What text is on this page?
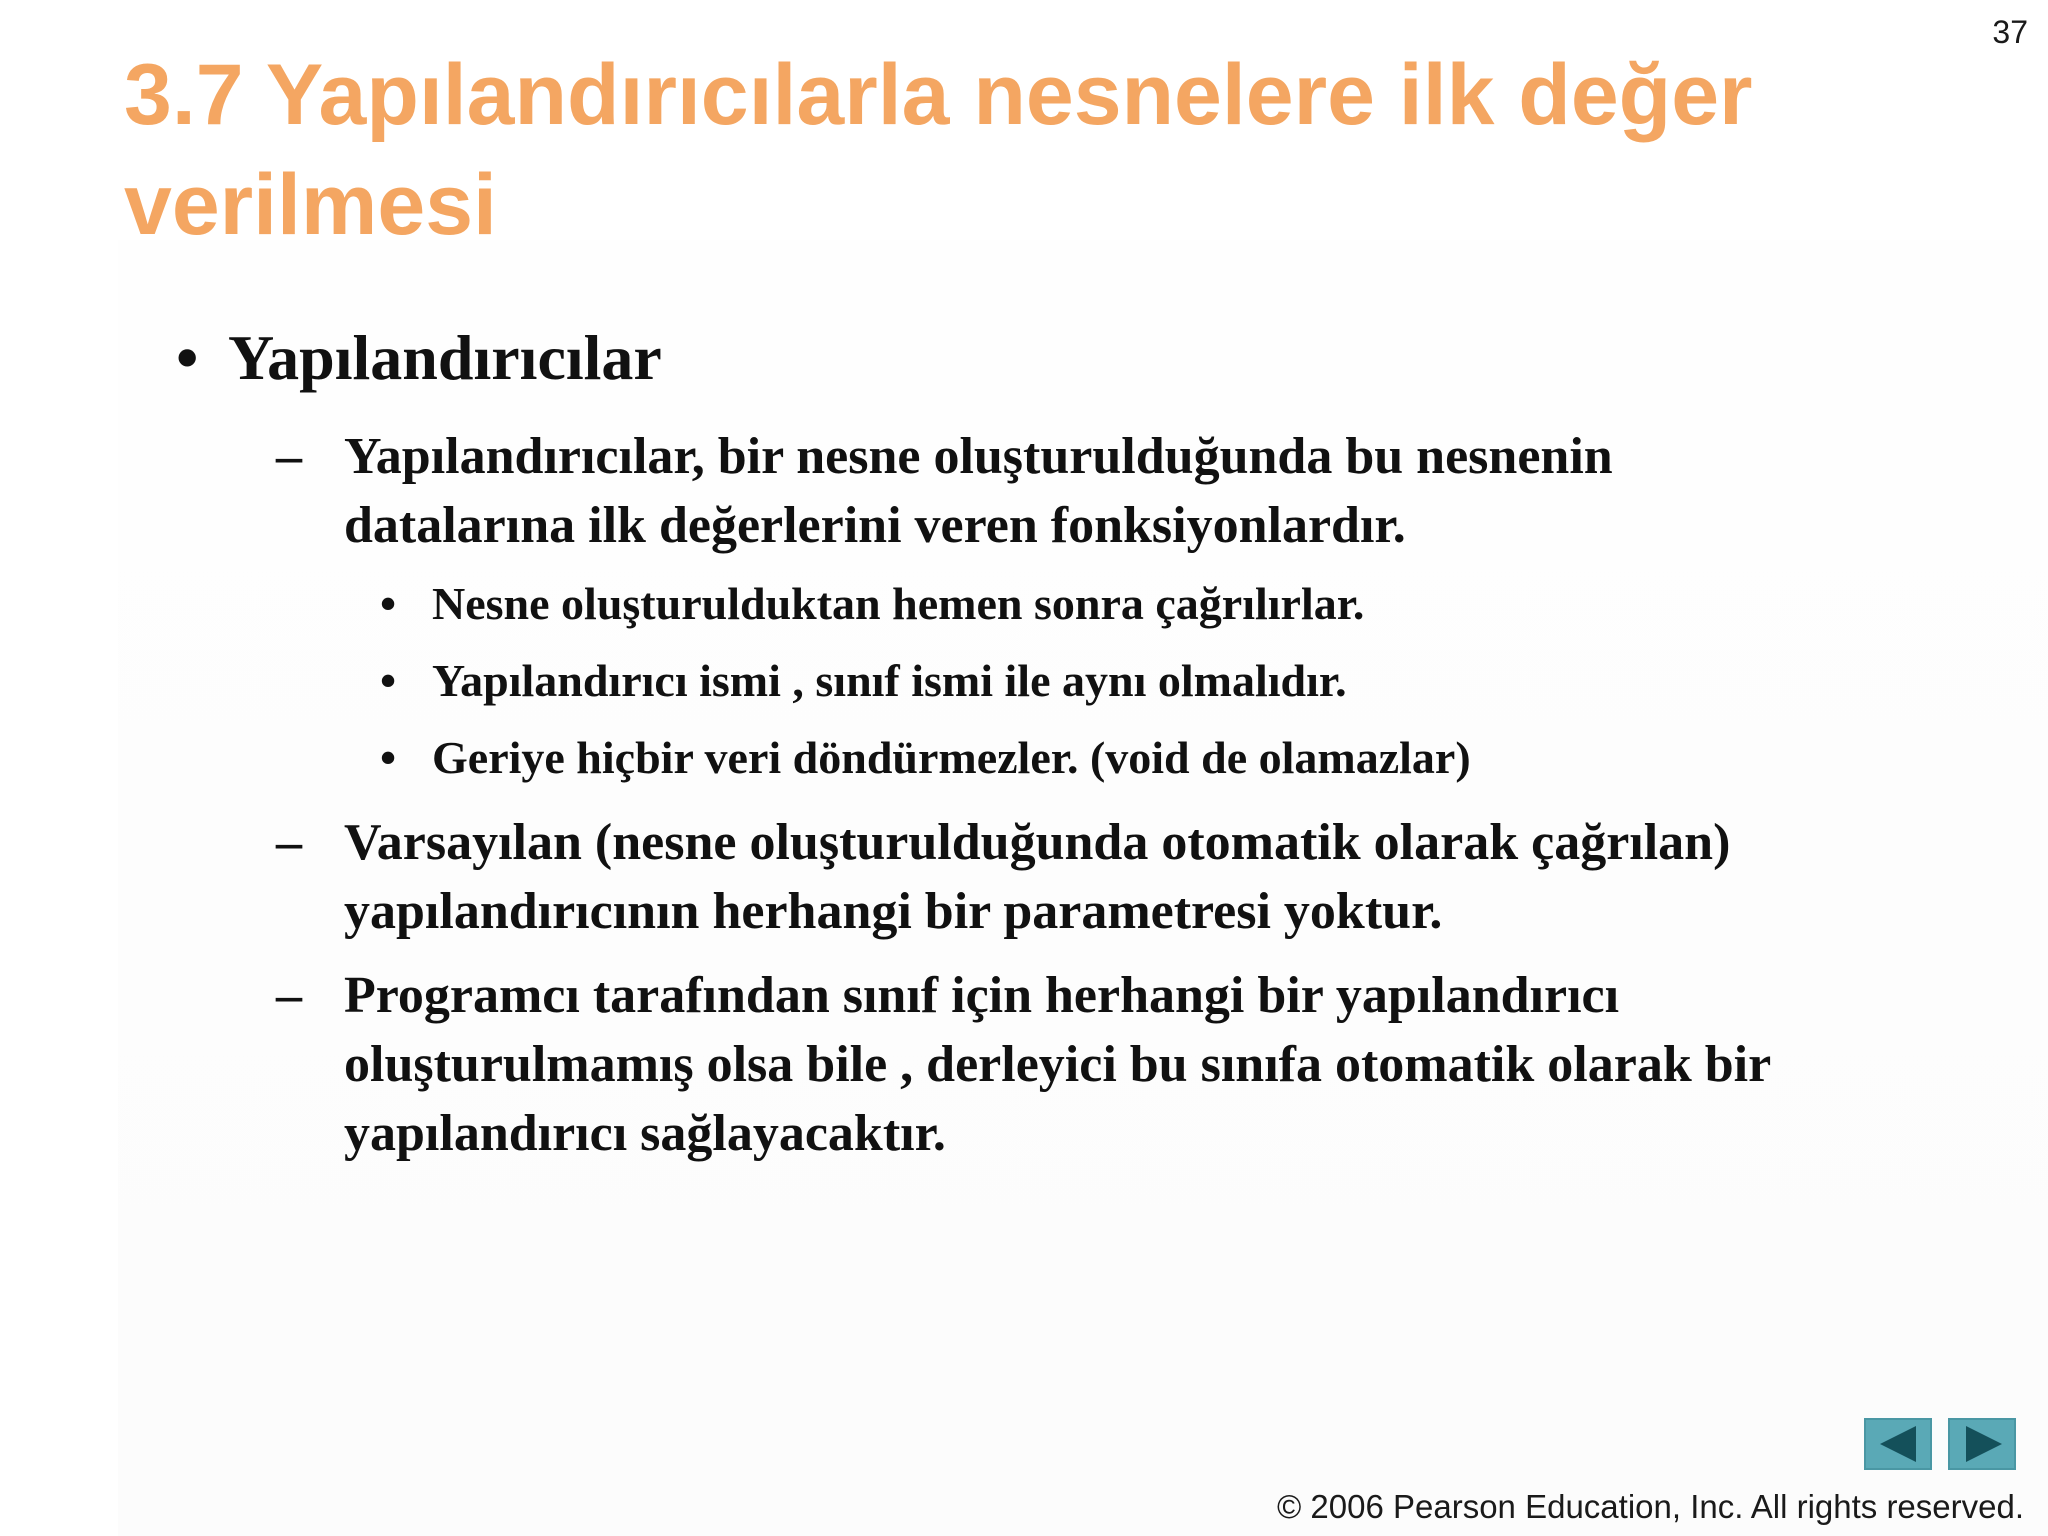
37
3.7 Yapılandırıcılarla nesnelere ilk değer
verilmesi
• Yapılandırıcılar
– Yapılandırıcılar, bir nesne oluşturulduğunda bu nesnenin
datalarına ilk değerlerini veren fonksiyonlardır.
• Nesne oluşturulduktan hemen sonra çağrılırlar.
• Yapılandırıcı ismi , sınıf ismi ile aynı olmalıdır.
• Geriye hiçbir veri döndürmezler. (void de olamazlar)
– Varsayılan (nesne oluşturulduğunda otomatik olarak çağrılan)
yapılandırıcının herhangi bir parametresi yoktur.
– Programcı tarafından sınıf için herhangi bir yapılandırıcı
oluşturulmamış olsa bile , derleyici bu sınıfa otomatik olarak bir
yapılandırıcı sağlayacaktır.
© 2006 Pearson Education, Inc. All rights reserved.
